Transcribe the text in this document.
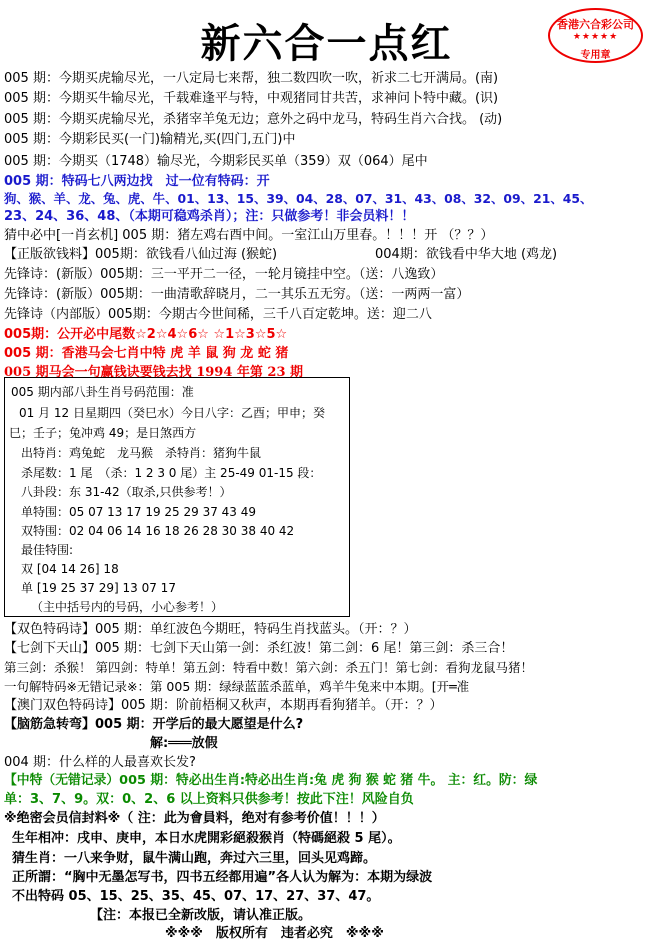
新六合一点红	香港六合彩公司
★★★★★
专用章
005 期：今期买虎输尽光，一八定局七来帮，独二数四吹一吹，祈求二七开满局。(南)
005 期：今期买牛输尽光，千载难逢平与特，中观猪同甘共苦，求神问卜特中藏。(识)
005 期：今期买虎输尽光，杀猪宰羊兔无边；意外之码中龙马，特码生肖六合找。 (动)
005 期：今期彩民买(一门)输精光,买(四门,五门)中
005 期：今期买（1748）输尽光，今期彩民买单（359）双（064）尾中
005 期：特码七八两边找　过一位有特码：开
狗、猴、羊、龙、兔、虎、牛、01、13、15、39、04、28、07、31、43、08、32、09、21、45、
23、24、36、48、（本期可稳鸡杀肖）；注：只做参考！非会员料！！
猜中必中[一肖玄机] 005 期：猪左鸡右酉中间。一室江山万里春。！！！开 （？？）
【正版欲钱料】005期：欲钱看八仙过海 (猴蛇)	004期：欲钱看中华大地 (鸡龙)
先锋诗：(新版）005期：三一平开二一径，一轮月镜挂中空。（送：八逸致）
先锋诗：(新版）005期：一曲清歌辞晓月，二一其乐五无穷。（送：一两两一富）
先锋诗（内部版）005期：今期古今世间稀，三千八百定乾坤。送：迎二八
005期：公开必中尾数☆2☆4☆6☆ ☆1☆3☆5☆
005 期：香港马会七肖中特 虎 羊 鼠 狗 龙 蛇 猪
005 期马会一句赢钱诀要钱去找 1994 年第 23 期
005 期内部八卦生肖号码范围：准
01 月 12 日星期四（癸巳水）今日八字：乙酉；甲申；癸
巳；壬子；兔冲鸡 49；是日煞西方
出特肖：鸡兔蛇　龙马猴　杀特肖：猪狗牛鼠
杀尾数：1 尾　（杀：1 2 3 0 尾）主 25-49 01-15 段：
八卦段：东 31-42（取杀,只供参考！）
单特围：05 07 13 17 19 25 29 37 43 49
双特围：02 04 06 14 16 18 26 28 30 38 40 42
最佳特围:
双 [04 14 26] 18
单 [19 25 37 29] 13 07 17
（主中括号内的号码，小心参考！）
【双色特码诗】005 期：单红波色今期旺，特码生肖找蓝头。（开：？）
【七剑下天山】005 期：七剑下天山第一剑：杀红波！第二剑：6 尾！第三剑：杀三合！
第三剑：杀猴！ 第四剑：特单！第五剑：特看中数！第六剑：杀五门！第七剑：看狗龙鼠马猪！
一句解特码※无错记录※：第 005 期：绿绿蓝蓝杀蓝单，鸡羊牛兔来中本期。[开═准
【澳门双色特码诗】005 期：阶前梧桐又秋声，本期再看狗猪羊。（开：？）
【脑筋急转弯】005 期：开学后的最大愿望是什么?
解:═══放假
004 期：什么样的人最喜欢长发?
【中特（无错记录）005 期：特必出生肖:特必出生肖:兔 虎 狗 猴 蛇 猪 牛。 主：红。防：绿
单：3、7、9。双：0、2、6 以上资料只供参考！按此下注！风险自负
※绝密会员信封料※（ 注：此为會員料，绝对有参考价值！！！）
生年相冲：戌申、庚申，本日水虎開彩絕殺猴肖（特碼絕殺 5 尾）。
猜生肖：一八来争财，鼠牛满山跑，奔过六三里，回头见鸡蹄。
正所謂：“胸中无墨怎写书，四书五经都用遍”各人认为解为：本期为绿波
不出特码 05、15、25、35、45、07、17、27、37、47。
【注：本报已全新改版，请认准正版。
※※※　版权所有　违者必究　※※※
